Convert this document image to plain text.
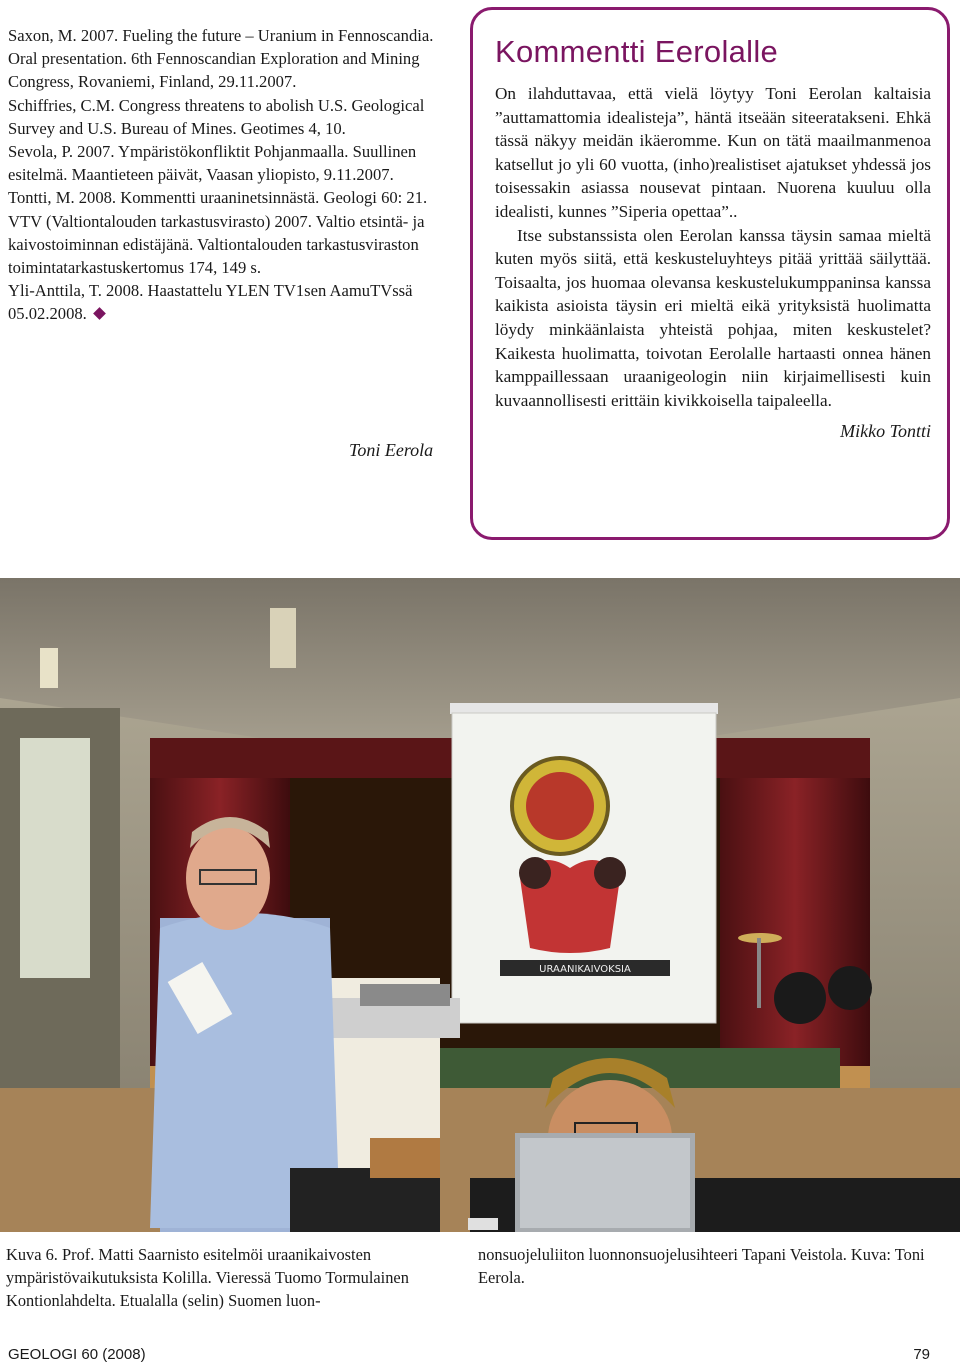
Saxon, M. 2007. Fueling the future – Uranium in Fennoscandia. Oral presentation. 6th Fennoscandian Exploration and Mining Congress, Rovaniemi, Finland, 29.11.2007.

Schiffries, C.M. Congress threatens to abolish U.S. Geological Survey and U.S. Bureau of Mines. Geotimes 4, 10.

Sevola, P. 2007. Ympäristökonfliktit Pohjanmaalla. Suullinen esitelmä. Maantieteen päivät, Vaasan yliopisto, 9.11.2007.

Tontti, M. 2008. Kommentti uraaninetsinnästä. Geologi 60: 21.

VTV (Valtiontalouden tarkastusvirasto) 2007. Valtio etsintä- ja kaivostoiminnan edistäjänä. Valtiontalouden tarkastusviraston toimintatarkastuskertomus 174, 149 s.

Yli-Anttila, T. 2008. Haastattelu YLEN TV1sen AamuTVssä 05.02.2008.

Toni Eerola
Kommentti Eerolalle

On ilahduttavaa, että vielä löytyy Toni Eerolan kaltaisia ”auttamattomia idealisteja”, häntä itseään siteeratakseni. Ehkä tässä näkyy meidän ikäeromme. Kun on tätä maailmanmenoa katsellut jo yli 60 vuotta, (inho)realistiset ajatukset yhdessä jos toisessakin asiassa nousevat pintaan. Nuorena kuuluu olla idealisti, kunnes ”Siperia opettaa”..

Itse substanssista olen Eerolan kanssa täysin samaa mieltä kuten myös siitä, että keskusteluyhteys pitää yrittää säilyttää. Toisaalta, jos huomaa olevansa keskustelukumppaninsa kanssa kaikista asioista täysin eri mieltä eikä yrityksistä huolimatta löydy minkäänlaista yhteistä pohjaa, miten keskustelet? Kaikesta huolimatta, toivotan Eerolalle hartaasti onnea hänen kamppaillessaan uraanigeologin niin kirjaimellisesti kuin kuvaannollisesti erittäin kivikkoisella taipaleella.

Mikko Tontti
URAANIKAIVOKSIA
Kuva 6. Prof. Matti Saarnisto esitelmöi uraanikaivosten ympäristövaikutuksista Kolilla. Vieressä Tuomo Tormulainen Kontionlahdelta. Etualalla (selin) Suomen luon-
nonsuojeluliiton luonnonsuojelusihteeri Tapani Veistola. Kuva: Toni Eerola.
GEOLOGI 60 (2008)	79
